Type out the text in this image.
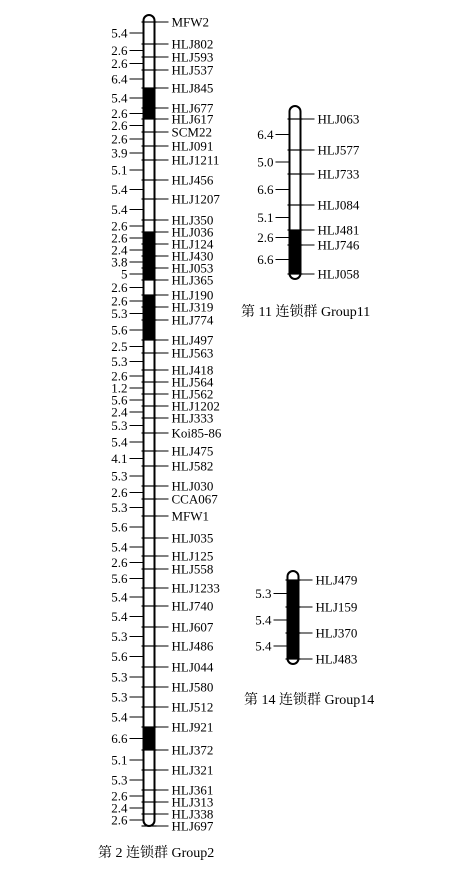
MFW2
HLJ802
HLJ593
HLJ537
HLJ845
HLJ677
HLJ617
SCM22
HLJ091
HLJ1211
HLJ456
HLJ1207
HLJ350
HLJ036
HLJ124
HLJ430
HLJ053
HLJ365
HLJ190
HLJ319
HLJ774
HLJ497
HLJ563
HLJ418
HLJ564
HLJ562
HLJ1202
HLJ333
Koi85-86
HLJ475
HLJ582
HLJ030
CCA067
MFW1
HLJ035
HLJ125
HLJ558
HLJ1233
HLJ740
HLJ607
HLJ486
HLJ044
HLJ580
HLJ512
HLJ921
HLJ372
HLJ321
HLJ361
HLJ313
HLJ338
HLJ697
5.4
2.6
2.6
6.4
5.4
2.6
2.6
2.6
3.9
5.1
5.4
5.4
2.6
2.6
2.4
3.8
5
2.6
2.6
5.3
5.6
2.5
5.3
2.6
1.2
5.6
2.4
5.3
5.4
4.1
5.3
2.6
5.3
5.6
5.4
2.6
5.6
5.4
5.4
5.3
5.6
5.3
5.3
5.4
6.6
5.1
5.3
2.6
2.4
2.6
HLJ063
HLJ577
HLJ733
HLJ084
HLJ481
HLJ746
HLJ058
6.4
5.0
6.6
5.1
2.6
6.6
HLJ479
HLJ159
HLJ370
HLJ483
5.3
5.4
5.4
第 2 连锁群 Group2
第 11 连锁群 Group11
第 14 连锁群 Group14
